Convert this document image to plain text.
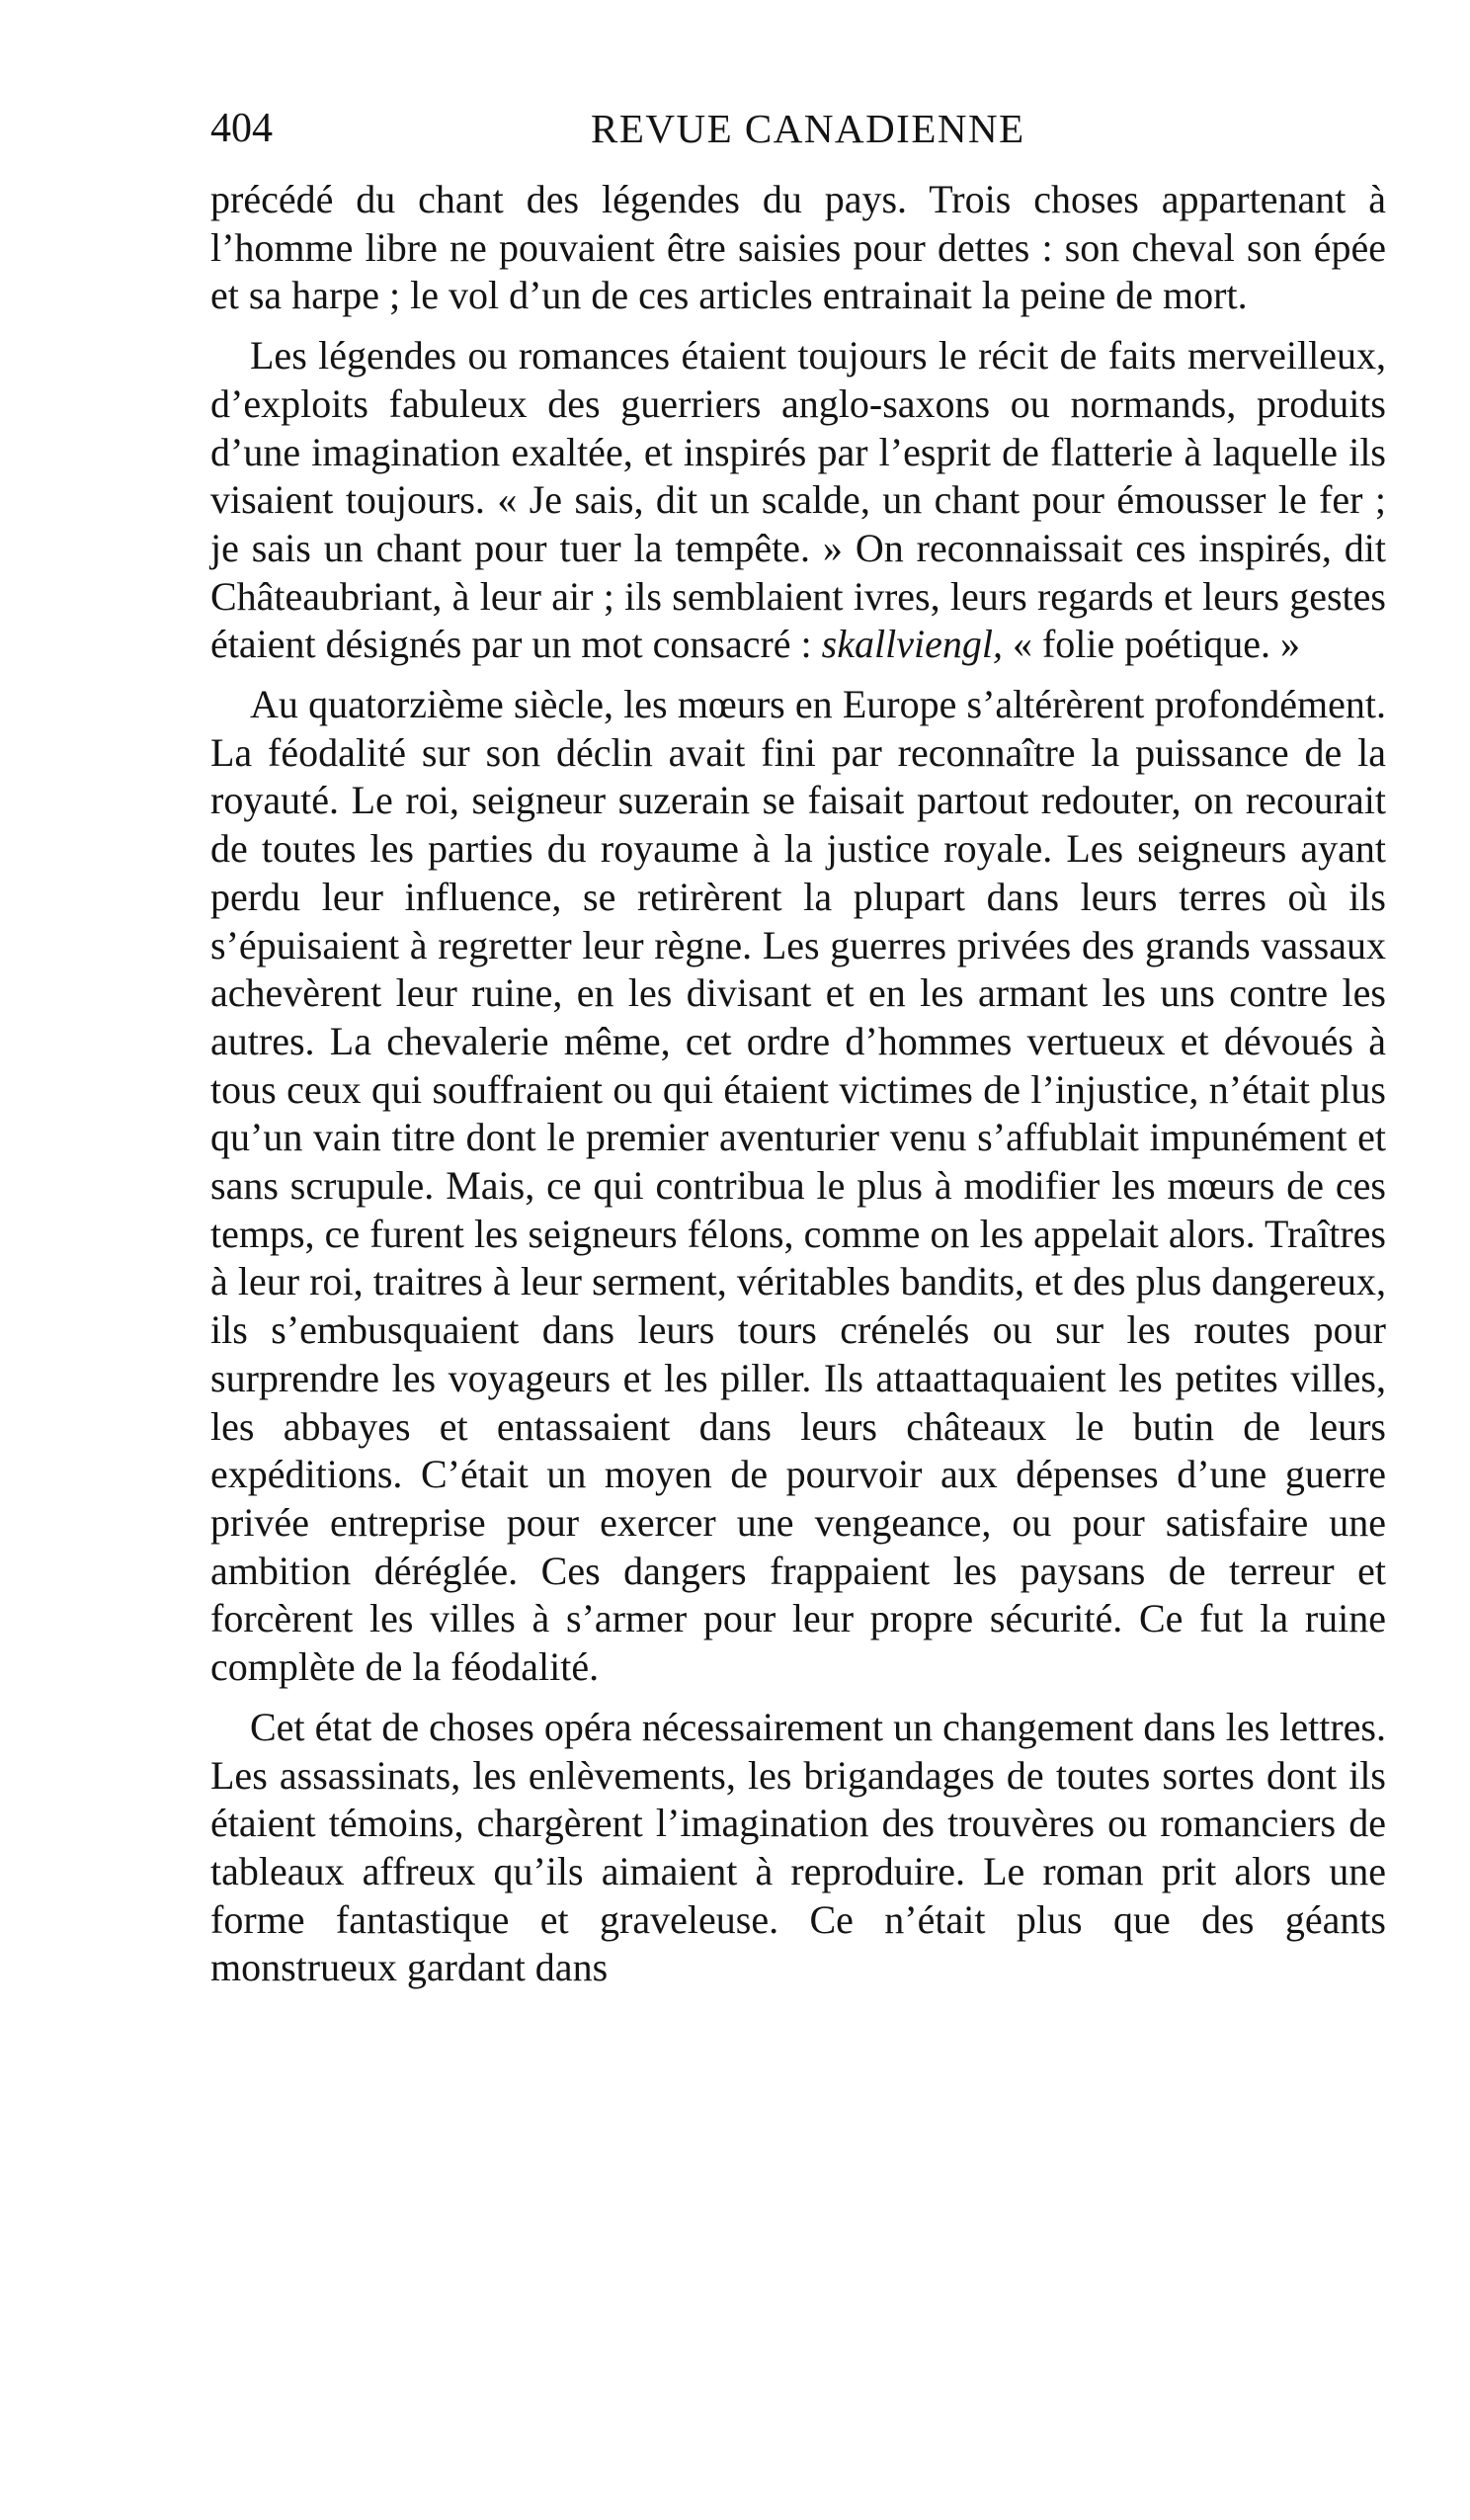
404	REVUE CANADIENNE

précédé du chant des légendes du pays. Trois choses appartenant à l’homme libre ne pouvaient être saisies pour dettes : son cheval son épée et sa harpe ; le vol d’un de ces articles entrainait la peine de mort.

Les légendes ou romances étaient toujours le récit de faits merveilleux, d’exploits fabuleux des guerriers anglo-saxons ou normands, produits d’une imagination exaltée, et inspirés par l’esprit de flatterie à laquelle ils visaient toujours. « Je sais, dit un scalde, un chant pour émousser le fer ; je sais un chant pour tuer la tempête. » On reconnaissait ces inspirés, dit Châteaubriant, à leur air ; ils semblaient ivres, leurs regards et leurs gestes étaient désignés par un mot consacré : skallviengl, « folie poétique. »

Au quatorzième siècle, les mœurs en Europe s’altérèrent profondément. La féodalité sur son déclin avait fini par reconnaître la puissance de la royauté. Le roi, seigneur suzerain se faisait partout redouter, on recourait de toutes les parties du royaume à la justice royale. Les seigneurs ayant perdu leur influence, se retirèrent la plupart dans leurs terres où ils s’épuisaient à regretter leur règne. Les guerres privées des grands vassaux achevèrent leur ruine, en les divisant et en les armant les uns contre les autres. La chevalerie même, cet ordre d’hommes vertueux et dévoués à tous ceux qui souffraient ou qui étaient victimes de l’injustice, n’était plus qu’un vain titre dont le premier aventurier venu s’affublait impunément et sans scrupule. Mais, ce qui contribua le plus à modifier les mœurs de ces temps, ce furent les seigneurs félons, comme on les appelait alors. Traîtres à leur roi, traitres à leur serment, véritables bandits, et des plus dangereux, ils s’embusquaient dans leurs tours crénelés ou sur les routes pour surprendre les voyageurs et les piller. Ils attaattaquaient les petites villes, les abbayes et entassaient dans leurs châteaux le butin de leurs expéditions. C’était un moyen de pourvoir aux dépenses d’une guerre privée entreprise pour exercer une vengeance, ou pour satisfaire une ambition déréglée. Ces dangers frappaient les paysans de terreur et forcèrent les villes à s’armer pour leur propre sécurité. Ce fut la ruine complète de la féodalité.

Cet état de choses opéra nécessairement un changement dans les lettres. Les assassinats, les enlèvements, les brigandages de toutes sortes dont ils étaient témoins, chargèrent l’imagination des trouvères ou romanciers de tableaux affreux qu’ils aimaient à reproduire. Le roman prit alors une forme fantastique et graveleuse. Ce n’était plus que des géants monstrueux gardant dans
